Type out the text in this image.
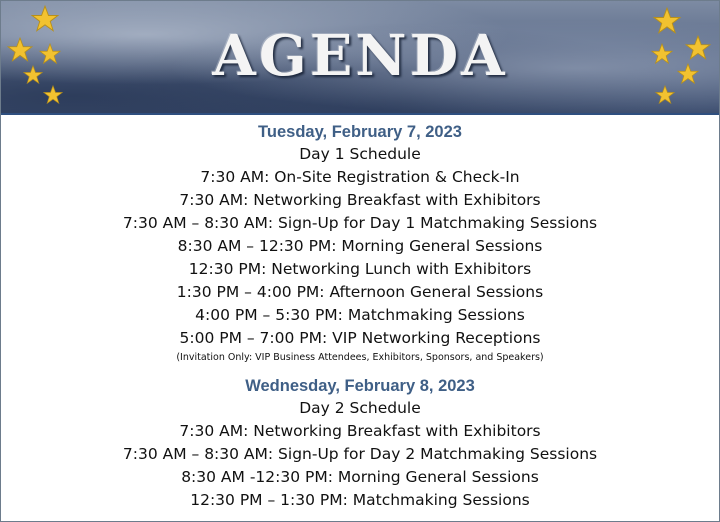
AGENDA
Tuesday, February 7, 2023
Day 1 Schedule
7:30 AM: On-Site Registration & Check-In
7:30 AM: Networking Breakfast with Exhibitors
7:30 AM – 8:30 AM: Sign-Up for Day 1 Matchmaking Sessions
8:30 AM – 12:30 PM: Morning General Sessions
12:30 PM: Networking Lunch with Exhibitors
1:30 PM – 4:00 PM: Afternoon General Sessions
4:00 PM – 5:30 PM: Matchmaking Sessions
5:00 PM – 7:00 PM: VIP Networking Receptions
(Invitation Only: VIP Business Attendees, Exhibitors, Sponsors, and Speakers)
Wednesday, February 8, 2023
Day 2 Schedule
7:30 AM: Networking Breakfast with Exhibitors
7:30 AM – 8:30 AM: Sign-Up for Day 2 Matchmaking Sessions
8:30 AM -12:30 PM: Morning General Sessions
12:30 PM – 1:30 PM: Matchmaking Sessions
